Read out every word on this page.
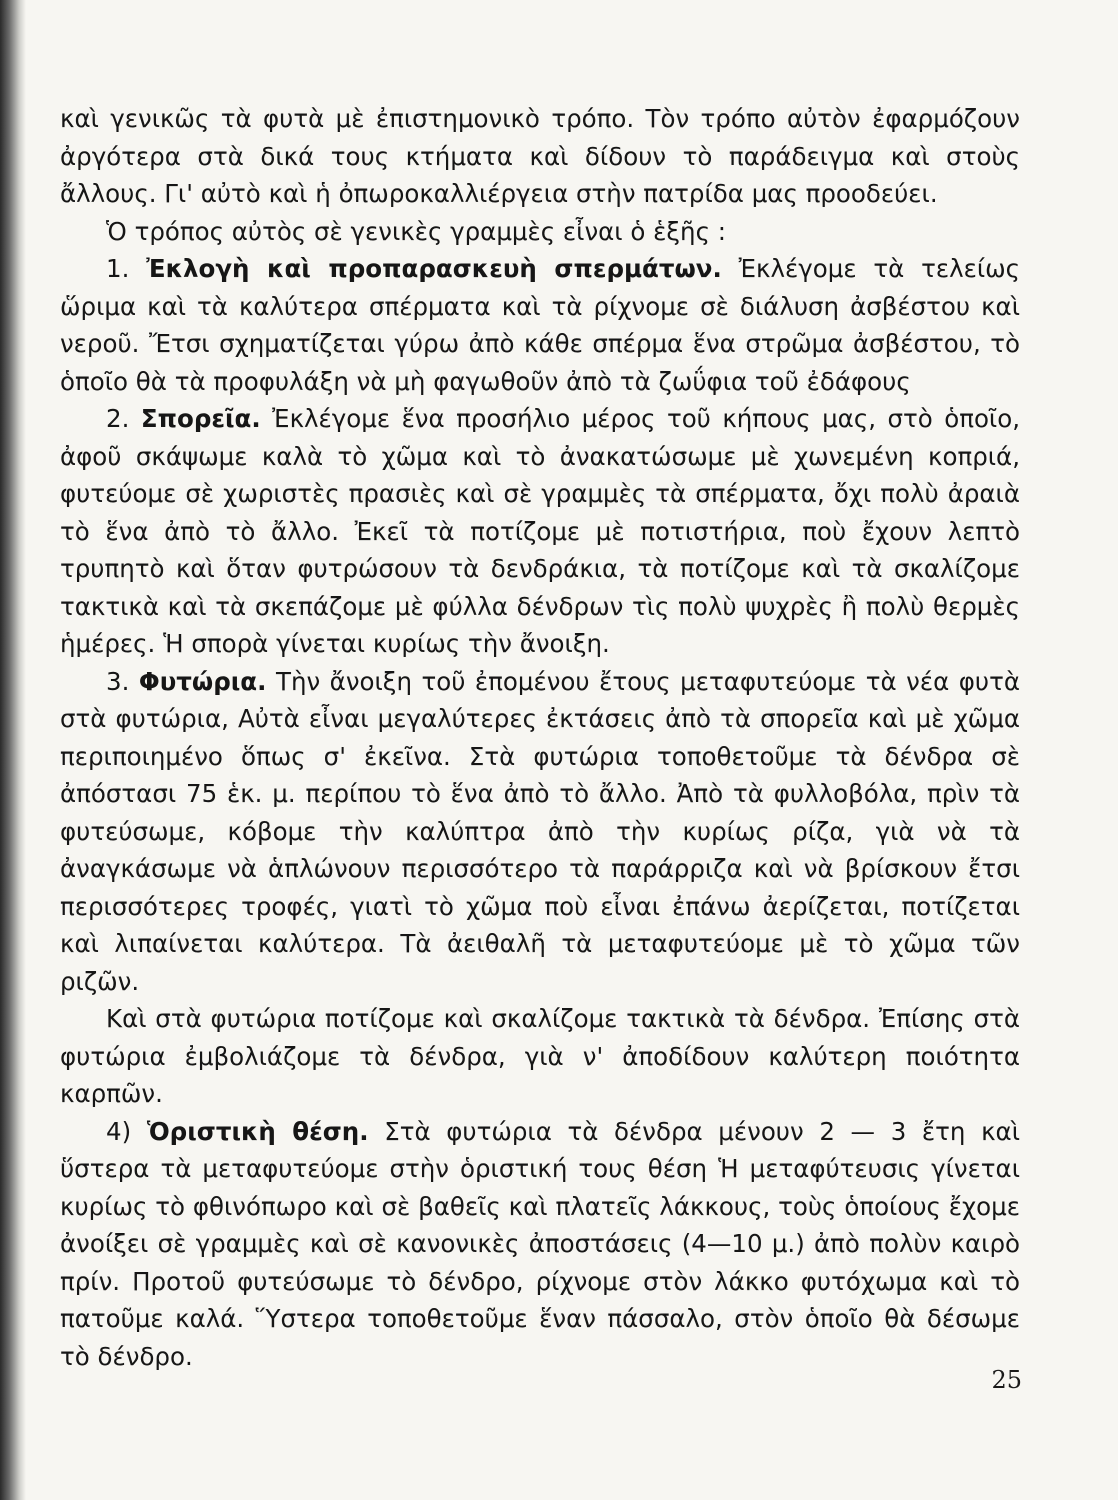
καὶ γενικῶς τὰ φυτὰ μὲ ἐπιστημονικὸ τρόπο. Τὸν τρόπο αὐτὸν ἐφαρμόζουν ἀργότερα στὰ δικά τους κτήματα καὶ δίδουν τὸ παράδειγμα καὶ στοὺς ἄλλους. Γι' αὐτὸ καὶ ἡ ὀπωροκαλλιέργεια στὴν πατρίδα μας προοδεύει.

Ὁ τρόπος αὐτὸς σὲ γενικὲς γραμμὲς εἶναι ὁ ἑξῆς :

1. Ἐκλογὴ καὶ προπαρασκευὴ σπερμάτων. Ἐκλέγομε τὰ τελείως ὥριμα καὶ τὰ καλύτερα σπέρματα καὶ τὰ ρίχνομε σὲ διάλυση ἀσβέστου καὶ νεροῦ. Ἔτσι σχηματίζεται γύρω ἀπὸ κάθε σπέρμα ἕνα στρῶμα ἀσβέστου, τὸ ὁποῖο θὰ τὰ προφυλάξη νὰ μὴ φαγωθοῦν ἀπὸ τὰ ζωΰφια τοῦ ἐδάφους

2. Σπορεῖα. Ἐκλέγομε ἕνα προσήλιο μέρος τοῦ κήπους μας, στὸ ὁποῖο, ἀφοῦ σκάψωμε καλὰ τὸ χῶμα καὶ τὸ ἀνακατώσωμε μὲ χωνεμένη κοπριά, φυτεύομε σὲ χωριστὲς πρασιὲς καὶ σὲ γραμμὲς τὰ σπέρματα, ὄχι πολὺ ἀραιὰ τὸ ἕνα ἀπὸ τὸ ἄλλο. Ἐκεῖ τὰ ποτίζομε μὲ ποτιστήρια, ποὺ ἔχουν λεπτὸ τρυπητὸ καὶ ὅταν φυτρώσουν τὰ δενδράκια, τὰ ποτίζομε καὶ τὰ σκαλίζομε τακτικὰ καὶ τὰ σκεπάζομε μὲ φύλλα δένδρων τὶς πολὺ ψυχρὲς ἢ πολὺ θερμὲς ἡμέρες. Ἡ σπορὰ γίνεται κυρίως τὴν ἄνοιξη.

3. Φυτώρια. Τὴν ἄνοιξη τοῦ ἐπομένου ἔτους μεταφυτεύομε τὰ νέα φυτὰ στὰ φυτώρια, Αὐτὰ εἶναι μεγαλύτερες ἐκτάσεις ἀπὸ τὰ σπορεῖα καὶ μὲ χῶμα περιποιημένο ὅπως σ' ἐκεῖνα. Στὰ φυτώρια τοποθετοῦμε τὰ δένδρα σὲ ἀπόστασι 75 ἑκ. μ. περίπου τὸ ἕνα ἀπὸ τὸ ἄλλο. Ἀπὸ τὰ φυλλοβόλα, πρὶν τὰ φυτεύσωμε, κόβομε τὴν καλύπτρα ἀπὸ τὴν κυρίως ρίζα, γιὰ νὰ τὰ ἀναγκάσωμε νὰ ἁπλώνουν περισσότερο τὰ παράρριζα καὶ νὰ βρίσκουν ἔτσι περισσότερες τροφές, γιατὶ τὸ χῶμα ποὺ εἶναι ἐπάνω ἀερίζεται, ποτίζεται καὶ λιπαίνεται καλύτερα. Τὰ ἀειθαλῆ τὰ μεταφυτεύομε μὲ τὸ χῶμα τῶν ριζῶν.

Καὶ στὰ φυτώρια ποτίζομε καὶ σκαλίζομε τακτικὰ τὰ δένδρα. Ἐπίσης στὰ φυτώρια ἐμβολιάζομε τὰ δένδρα, γιὰ ν' ἀποδίδουν καλύτερη ποιότητα καρπῶν.

4) Ὁριστικὴ θέση. Στὰ φυτώρια τὰ δένδρα μένουν 2 — 3 ἔτη καὶ ὕστερα τὰ μεταφυτεύομε στὴν ὁριστική τους θέση Ἡ μεταφύτευσις γίνεται κυρίως τὸ φθινόπωρο καὶ σὲ βαθεῖς καὶ πλατεῖς λάκκους, τοὺς ὁποίους ἔχομε ἀνοίξει σὲ γραμμὲς καὶ σὲ κανονικὲς ἀποστάσεις (4—10 μ.) ἀπὸ πολὺν καιρὸ πρίν. Προτοῦ φυτεύσωμε τὸ δένδρο, ρίχνομε στὸν λάκκο φυτόχωμα καὶ τὸ πατοῦμε καλά. Ὕστερα τοποθετοῦμε ἕναν πάσσαλο, στὸν ὁποῖο θὰ δέσωμε τὸ δένδρο.

25
